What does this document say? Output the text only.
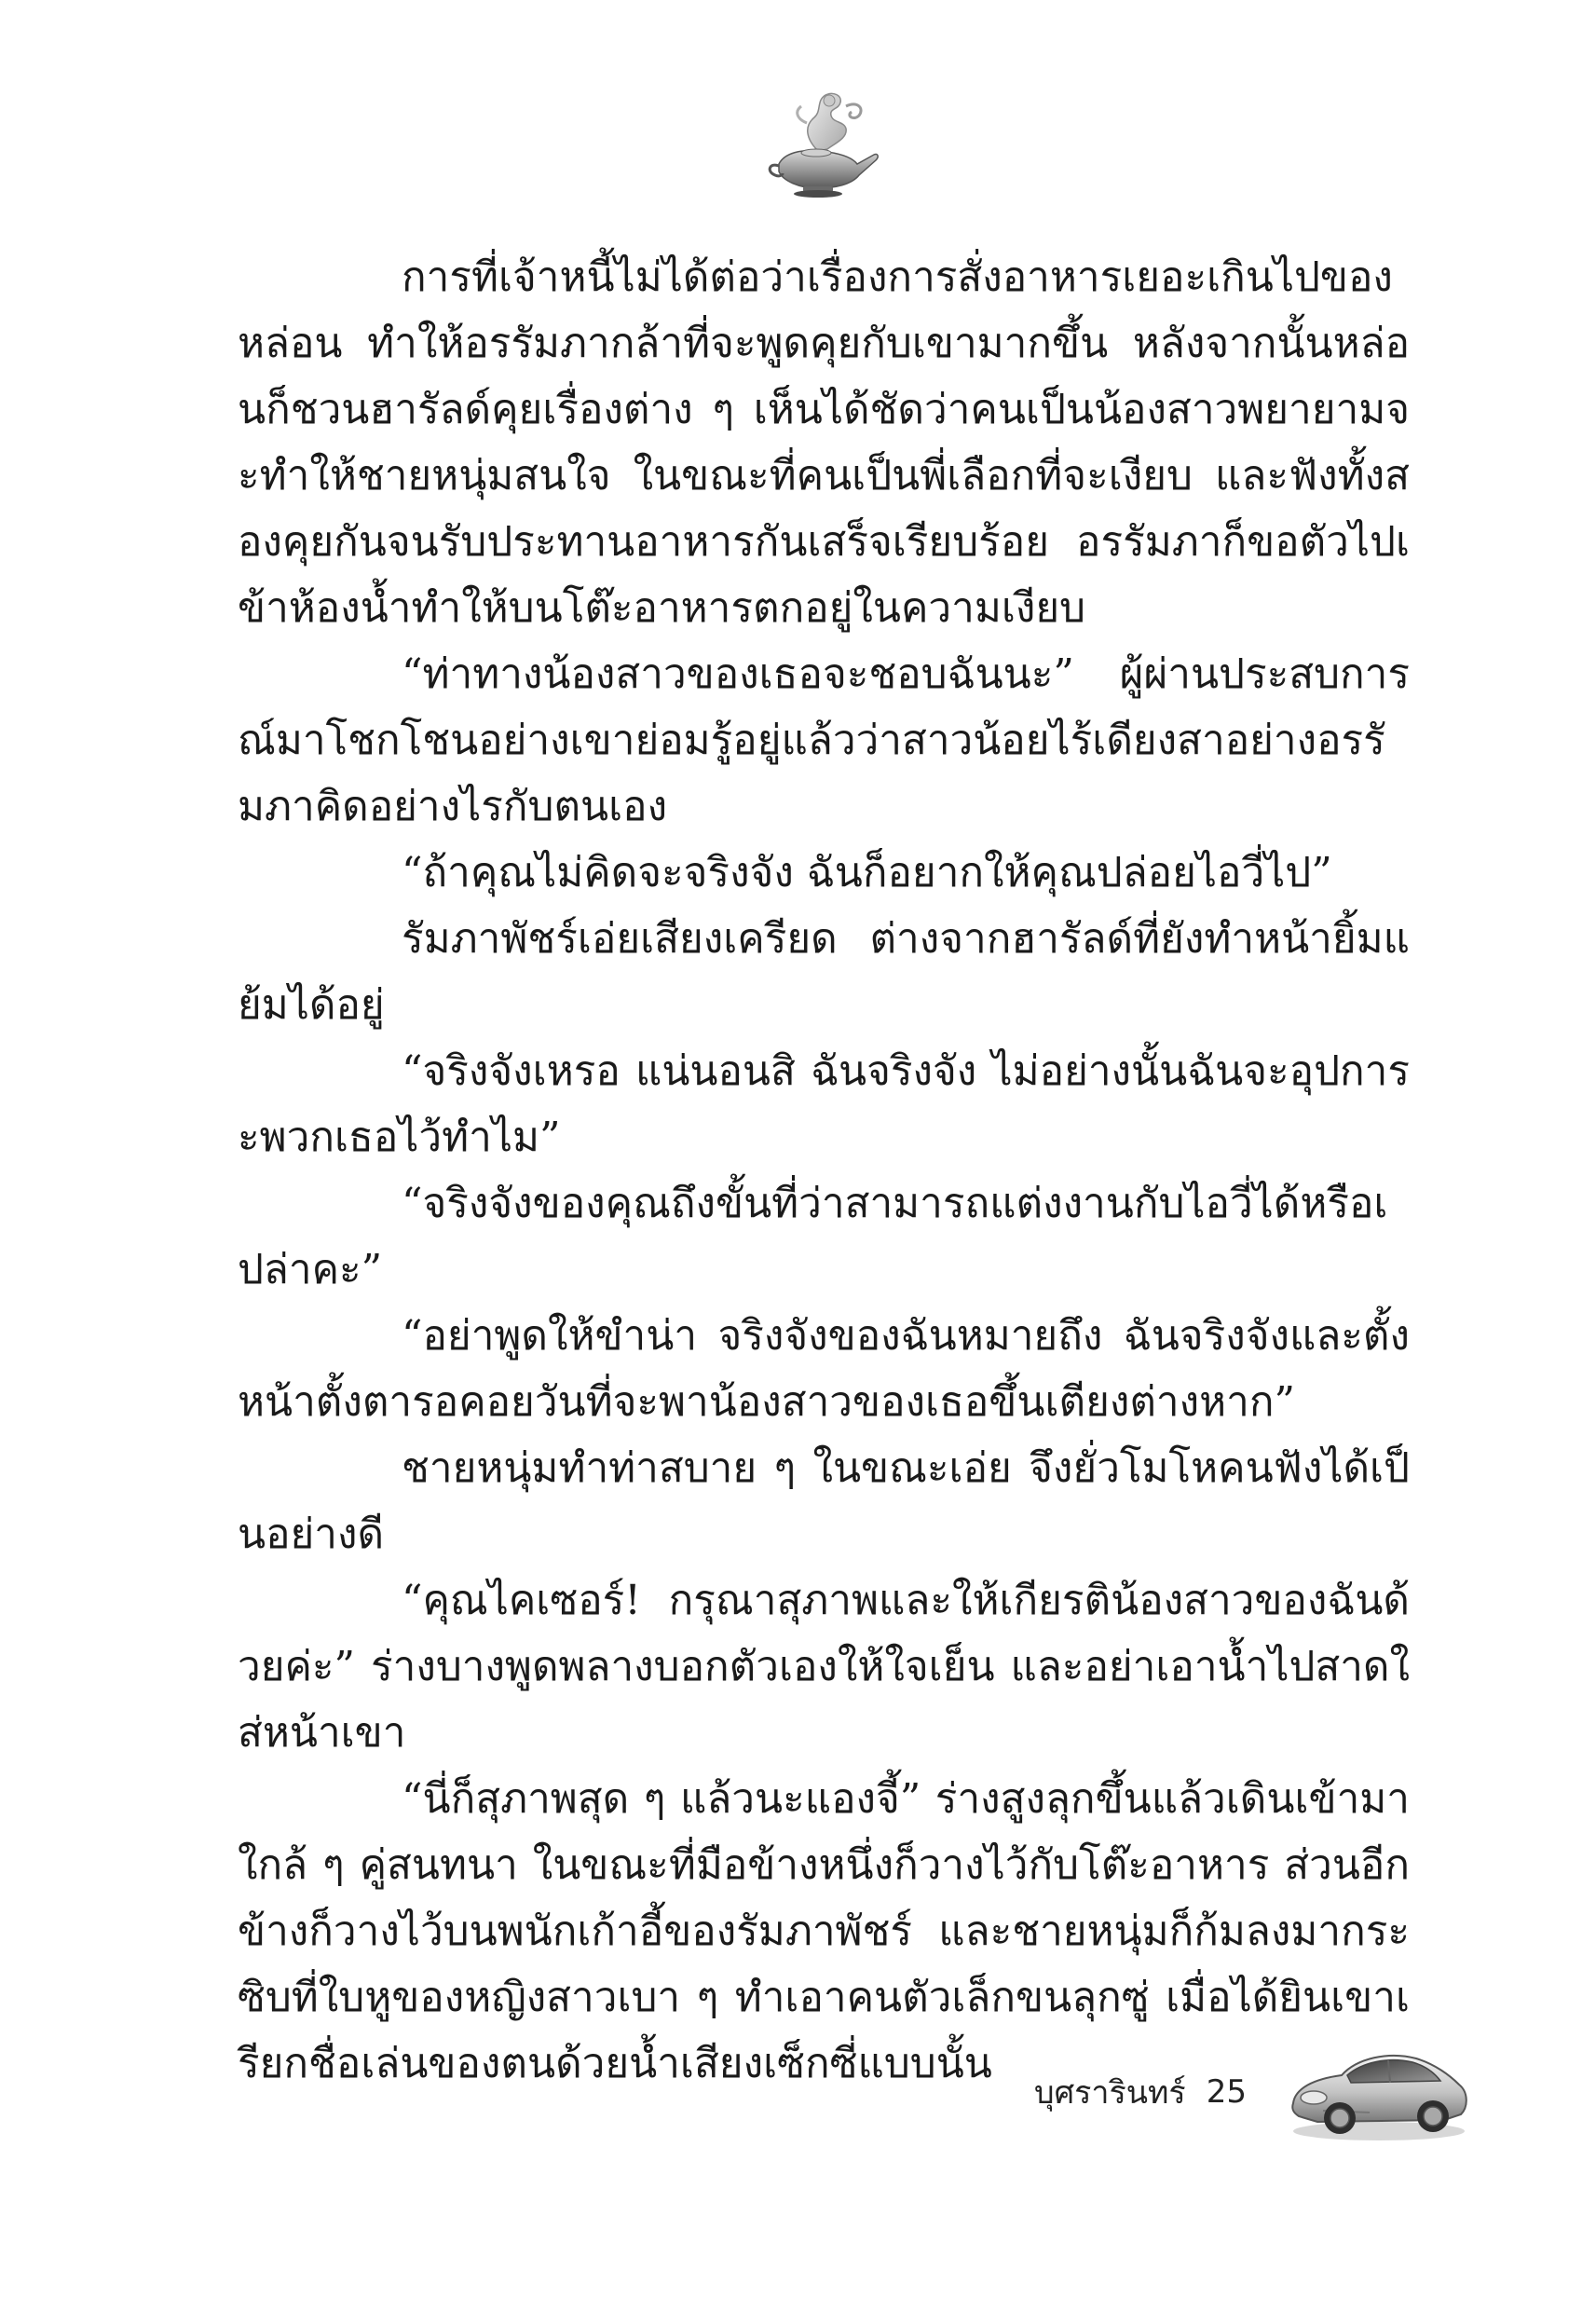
การที่เจ้าหนี้ไม่ได้ต่อว่าเรื่องการสั่งอาหารเยอะเกินไปของหล่อน ทำให้อรรัมภากล้าที่จะพูดคุยกับเขามากขึ้น หลังจากนั้นหล่อนก็ชวนฮารัลด์คุยเรื่องต่าง ๆ เห็นได้ชัดว่าคนเป็นน้องสาวพยายามจะทำให้ชายหนุ่มสนใจ ในขณะที่คนเป็นพี่เลือกที่จะเงียบ และฟังทั้งสองคุยกันจนรับประทานอาหารกันเสร็จเรียบร้อย อรรัมภาก็ขอตัวไปเข้าห้องน้ำทำให้บนโต๊ะอาหารตกอยู่ในความเงียบ

“ท่าทางน้องสาวของเธอจะชอบฉันนะ” ผู้ผ่านประสบการณ์มาโชกโชนอย่างเขาย่อมรู้อยู่แล้วว่าสาวน้อยไร้เดียงสาอย่างอรรัมภาคิดอย่างไรกับตนเอง

“ถ้าคุณไม่คิดจะจริงจัง ฉันก็อยากให้คุณปล่อยไอวี่ไป”

รัมภาพัชร์เอ่ยเสียงเครียด ต่างจากฮารัลด์ที่ยังทำหน้ายิ้มแย้มได้อยู่

“จริงจังเหรอ แน่นอนสิ ฉันจริงจัง ไม่อย่างนั้นฉันจะอุปการะพวกเธอไว้ทำไม”

“จริงจังของคุณถึงขั้นที่ว่าสามารถแต่งงานกับไอวี่ได้หรือเปล่าคะ”

“อย่าพูดให้ขำน่า จริงจังของฉันหมายถึง ฉันจริงจังและตั้งหน้าตั้งตารอคอยวันที่จะพาน้องสาวของเธอขึ้นเตียงต่างหาก”

ชายหนุ่มทำท่าสบาย ๆ ในขณะเอ่ย จึงยั่วโมโหคนฟังได้เป็นอย่างดี

“คุณไคเซอร์! กรุณาสุภาพและให้เกียรติน้องสาวของฉันด้วยค่ะ” ร่างบางพูดพลางบอกตัวเองให้ใจเย็น และอย่าเอาน้ำไปสาดใส่หน้าเขา

“นี่ก็สุภาพสุด ๆ แล้วนะแองจี้” ร่างสูงลุกขึ้นแล้วเดินเข้ามาใกล้ ๆ คู่สนทนา ในขณะที่มือข้างหนึ่งก็วางไว้กับโต๊ะอาหาร ส่วนอีกข้างก็วางไว้บนพนักเก้าอี้ของรัมภาพัชร์ และชายหนุ่มก็ก้มลงมากระซิบที่ใบหูของหญิงสาวเบา ๆ ทำเอาคนตัวเล็กขนลุกซู่ เมื่อได้ยินเขาเรียกชื่อเล่นของตนด้วยน้ำเสียงเซ็กซี่แบบนั้น

บุศรารินทร์ 25
